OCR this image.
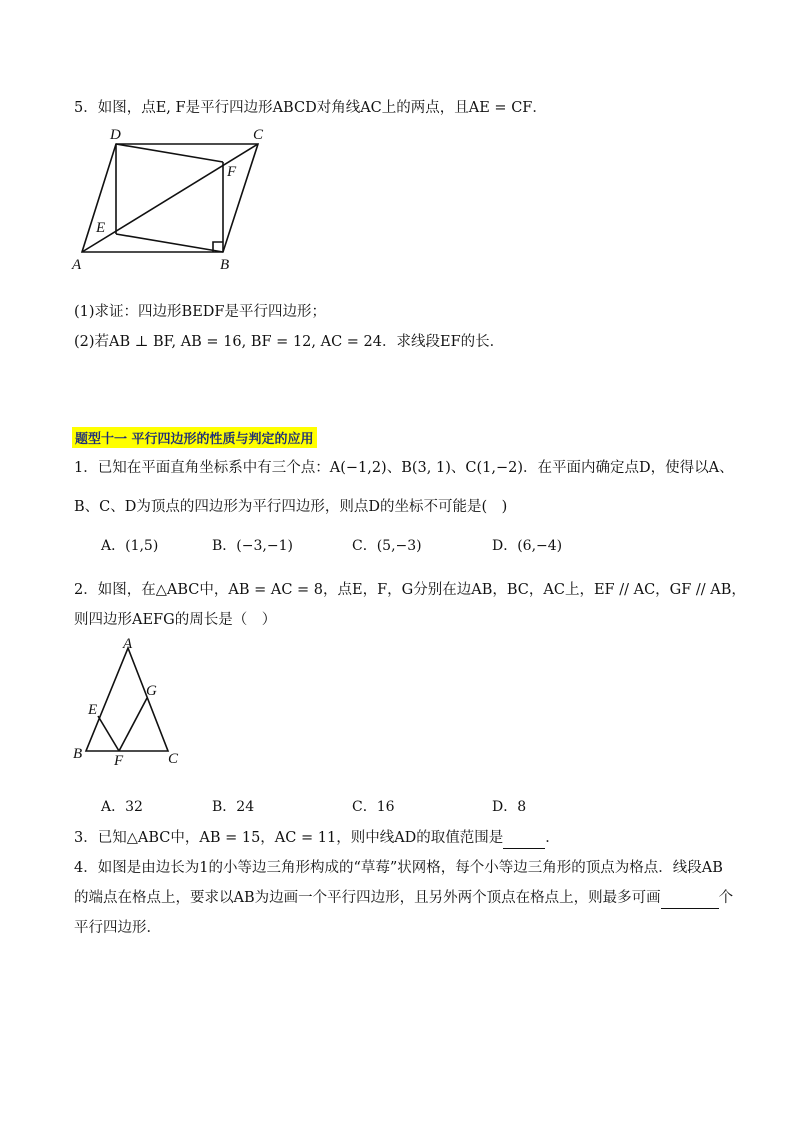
5．如图，点E, F是平行四边形ABCD对角线AC上的两点，且AE = CF．
A	B
C
D
E
F
(1)求证：四边形BEDF是平行四边形；
(2)若AB ⊥ BF, AB = 16, BF = 12, AC = 24．求线段EF的长．
题型十一 平行四边形的性质与判定的应用
1．已知在平面直角坐标系中有三个点：A(−1,2)、B(3, 1)、C(1,−2)．在平面内确定点D，使得以A、
B、C、D为顶点的四边形为平行四边形，则点D的坐标不可能是(　)
A．(1,5)	B．(−3,−1)	C．(5,−3)	D．(6,−4)
2．如图，在△ABC中，AB = AC = 8，点E，F，G分别在边AB，BC，AC上，EF // AC，GF // AB，
则四边形AEFG的周长是（　）
A
B	C
E
F
G
A．32	B．24	C．16	D．8
3．已知△ABC中，AB = 15，AC = 11，则中线AD的取值范围是	．
4．如图是由边长为1的小等边三角形构成的“草莓”状网格，每个小等边三角形的顶点为格点．线段AB
的端点在格点上，要求以AB为边画一个平行四边形，且另外两个顶点在格点上，则最多可画	个
平行四边形．
